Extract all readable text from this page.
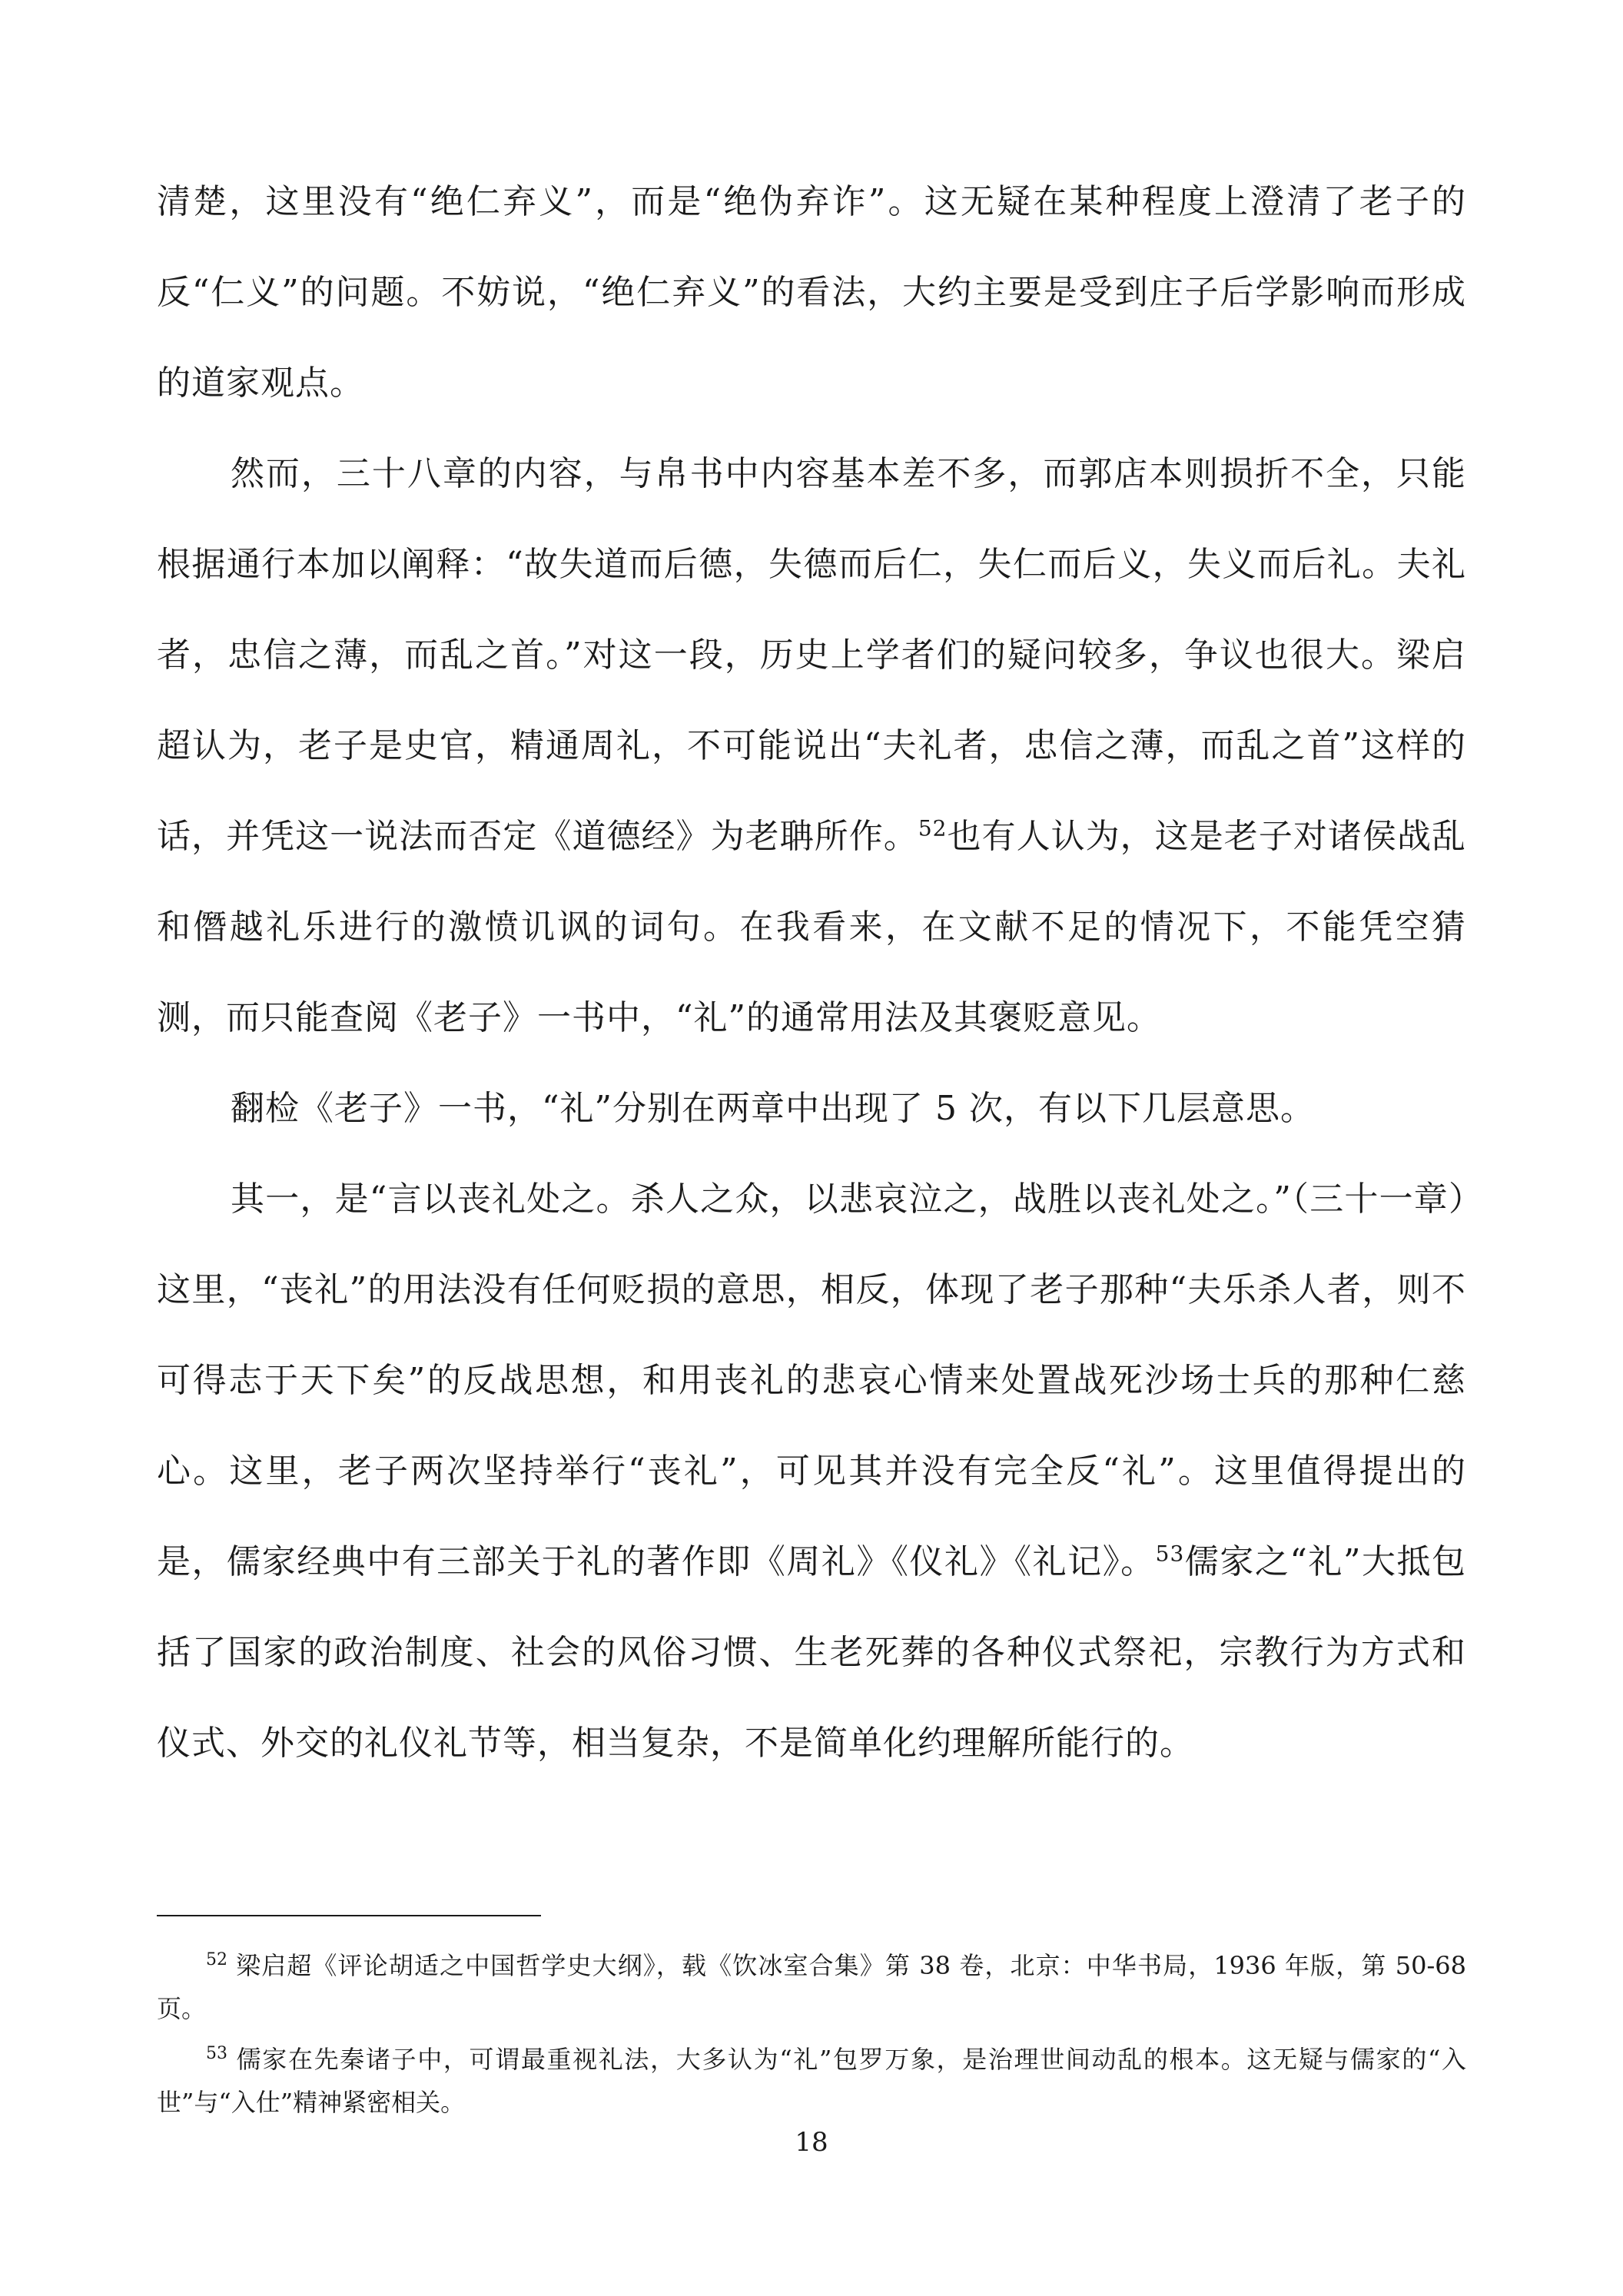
清楚，这里没有“绝仁弃义”，而是“绝伪弃诈”。这无疑在某种程度上澄清了老子的反“仁义”的问题。不妨说，“绝仁弃义”的看法，大约主要是受到庄子后学影响而形成的道家观点。

然而，三十八章的内容，与帛书中内容基本差不多，而郭店本则损折不全，只能根据通行本加以阐释：“故失道而后德，失德而后仁，失仁而后义，失义而后礼。夫礼者，忠信之薄，而乱之首。”对这一段，历史上学者们的疑问较多，争议也很大。梁启超认为，老子是史官，精通周礼，不可能说出“夫礼者，忠信之薄，而乱之首”这样的话，并凭这一说法而否定《道德经》为老聃所作。$^{52}$也有人认为，这是老子对诸侯战乱和僭越礼乐进行的激愤讥讽的词句。在我看来，在文献不足的情况下，不能凭空猜测，而只能查阅《老子》一书中，“礼”的通常用法及其褒贬意见。

翻检《老子》一书，“礼”分别在两章中出现了 5 次，有以下几层意思。

其一，是“言以丧礼处之。杀人之众，以悲哀泣之，战胜以丧礼处之。”（三十一章）这里，“丧礼”的用法没有任何贬损的意思，相反，体现了老子那种“夫乐杀人者，则不可得志于天下矣”的反战思想，和用丧礼的悲哀心情来处置战死沙场士兵的那种仁慈心。这里，老子两次坚持举行“丧礼”，可见其并没有完全反“礼”。这里值得提出的是，儒家经典中有三部关于礼的著作即《周礼》《仪礼》《礼记》。$^{53}$儒家之“礼”大抵包括了国家的政治制度、社会的风俗习惯、生老死葬的各种仪式祭祀，宗教行为方式和仪式、外交的礼仪礼节等，相当复杂，不是简单化约理解所能行的。

$^{52}$ 梁启超《评论胡适之中国哲学史大纲》，载《饮冰室合集》第 38 卷，北京：中华书局，1936 年版，第 50-68 页。

$^{53}$ 儒家在先秦诸子中，可谓最重视礼法，大多认为“礼”包罗万象，是治理世间动乱的根本。这无疑与儒家的“入世”与“入仕”精神紧密相关。

18
